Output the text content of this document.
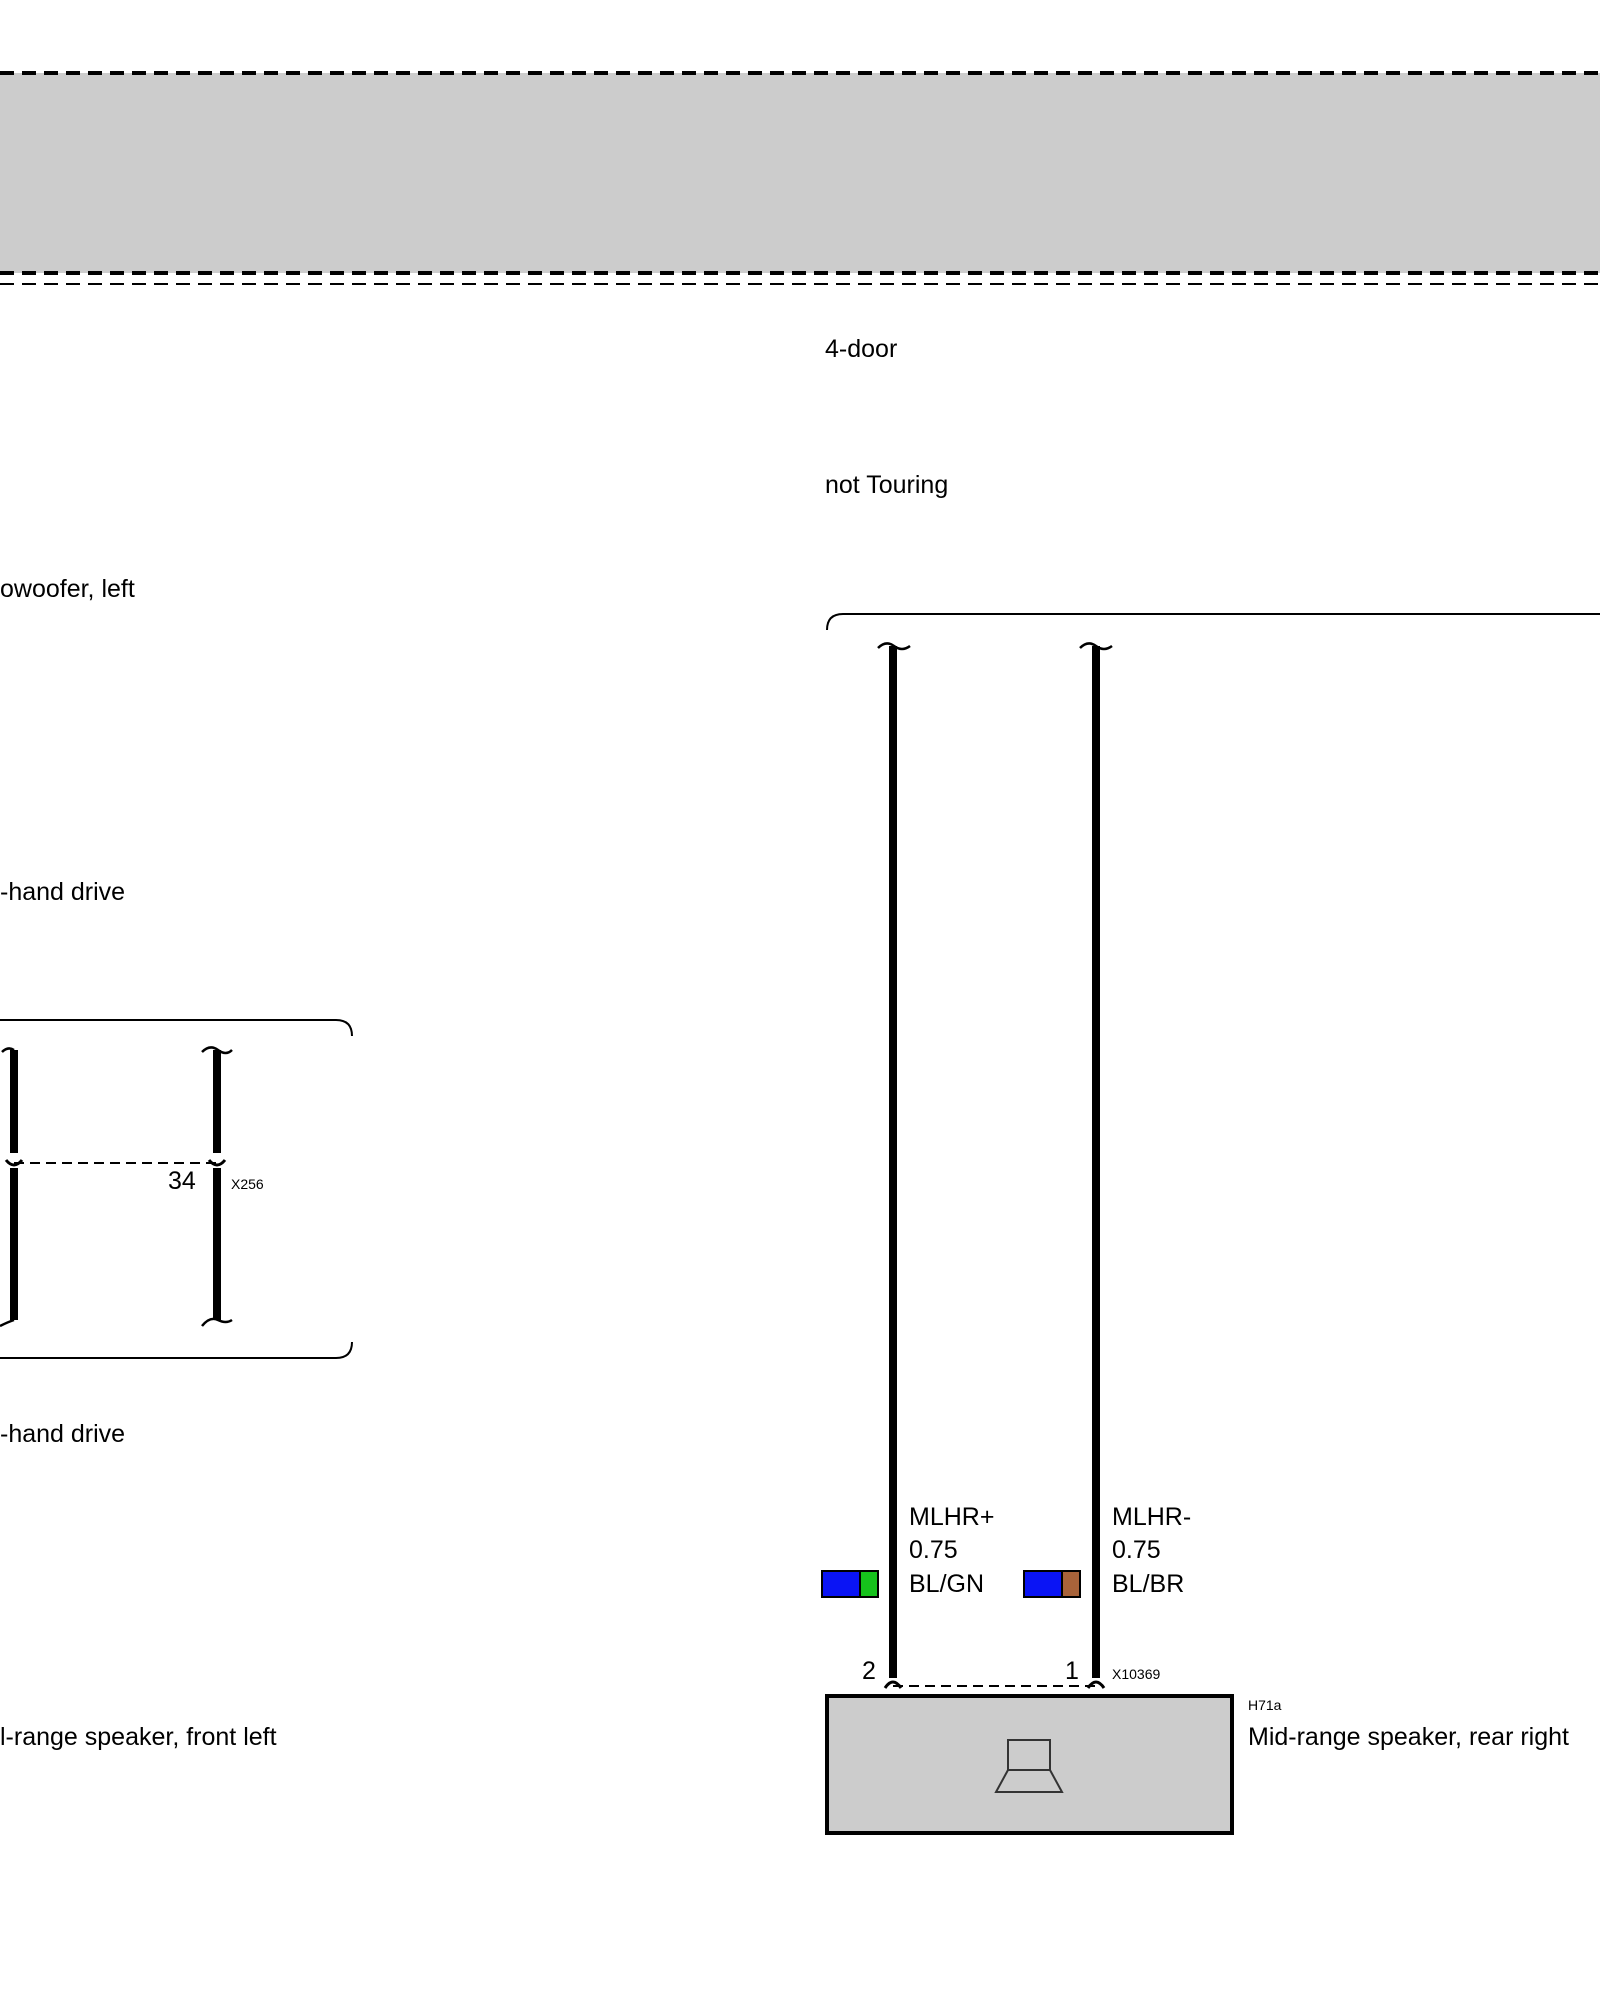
4-door
not Touring
owoofer, left
-hand drive
-hand drive
l-range speaker, front left
34	X256
MLHR+
0.75
BL/GN
MLHR-
0.75
BL/BR
2	1 X10369
H71a
Mid-range speaker, rear right
